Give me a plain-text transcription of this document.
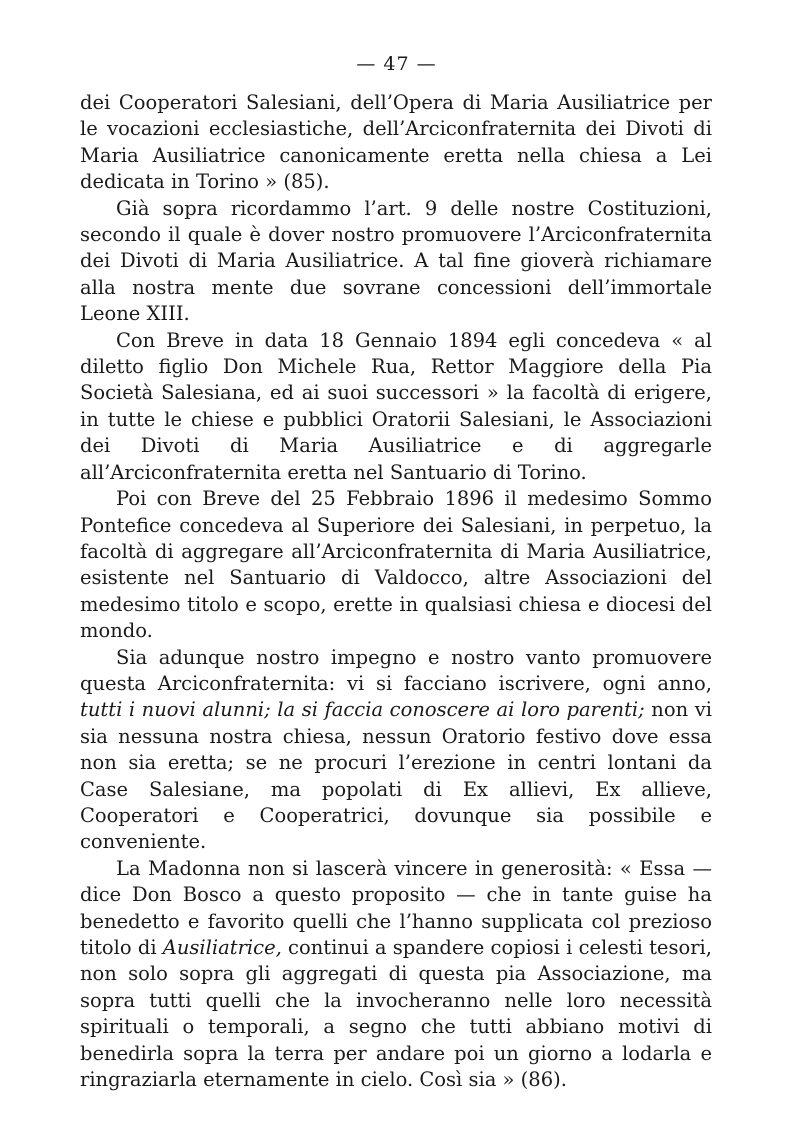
— 47 —

dei Cooperatori Salesiani, dell’Opera di Maria Ausiliatrice per le vocazioni ecclesiastiche, dell’Arciconfraternita dei Divoti di Maria Ausiliatrice canonicamente eretta nella chiesa a Lei dedicata in Torino » (85).

Già sopra ricordammo l’art. 9 delle nostre Costituzioni, secondo il quale è dover nostro promuovere l’Arciconfraternita dei Divoti di Maria Ausiliatrice. A tal fine gioverà richiamare alla nostra mente due sovrane concessioni dell’immortale Leone XIII.

Con Breve in data 18 Gennaio 1894 egli concedeva « al diletto figlio Don Michele Rua, Rettor Maggiore della Pia Società Salesiana, ed ai suoi successori » la facoltà di erigere, in tutte le chiese e pubblici Oratorii Salesiani, le Associazioni dei Divoti di Maria Ausiliatrice e di aggregarle all’Arciconfraternita eretta nel Santuario di Torino.

Poi con Breve del 25 Febbraio 1896 il medesimo Sommo Pontefice concedeva al Superiore dei Salesiani, in perpetuo, la facoltà di aggregare all’Arciconfraternita di Maria Ausiliatrice, esistente nel Santuario di Valdocco, altre Associazioni del medesimo titolo e scopo, erette in qualsiasi chiesa e diocesi del mondo.

Sia adunque nostro impegno e nostro vanto promuovere questa Arciconfraternita: vi si facciano iscrivere, ogni anno, tutti i nuovi alunni; la si faccia conoscere ai loro parenti; non vi sia nessuna nostra chiesa, nessun Oratorio festivo dove essa non sia eretta; se ne procuri l’erezione in centri lontani da Case Salesiane, ma popolati di Ex allievi, Ex allieve, Cooperatori e Cooperatrici, dovunque sia possibile e conveniente.

La Madonna non si lascerà vincere in generosità: « Essa — dice Don Bosco a questo proposito — che in tante guise ha benedetto e favorito quelli che l’hanno supplicata col prezioso titolo di Ausiliatrice, continui a spandere copiosi i celesti tesori, non solo sopra gli aggregati di questa pia Associazione, ma sopra tutti quelli che la invocheranno nelle loro necessità spirituali o temporali, a segno che tutti abbiano motivi di benedirla sopra la terra per andare poi un giorno a lodarla e ringraziarla eternamente in cielo. Così sia » (86).
